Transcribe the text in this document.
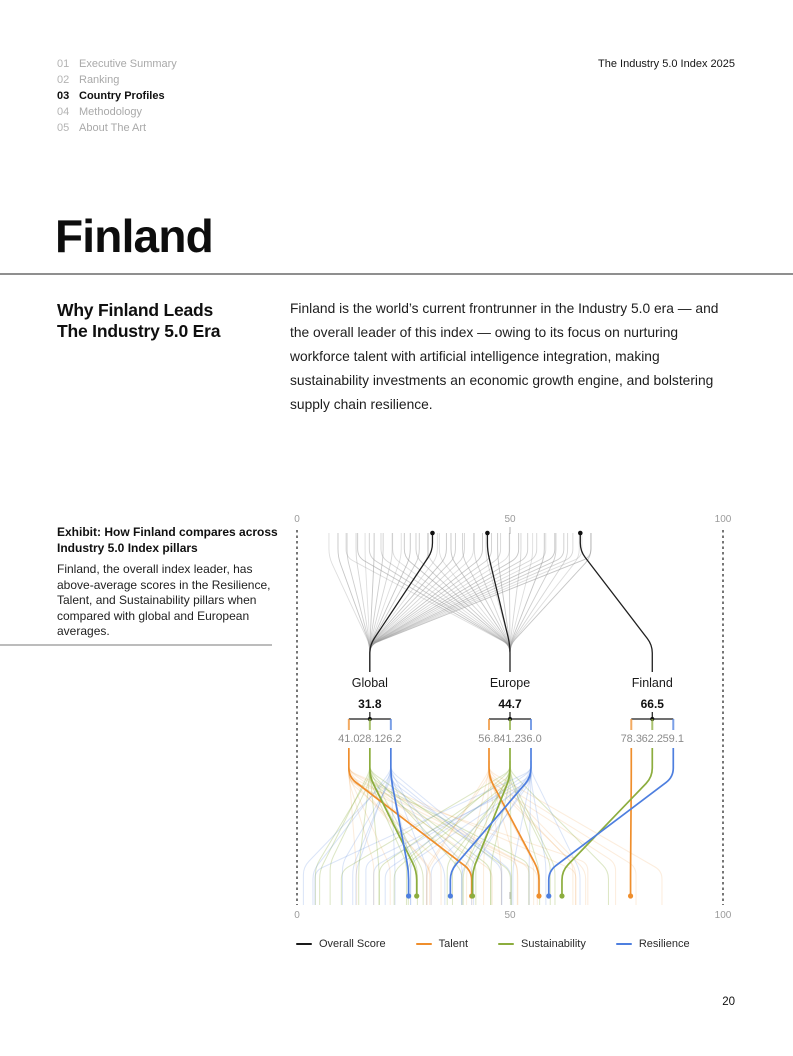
01 Executive Summary
02 Ranking
03 Country Profiles
04 Methodology
05 About The Art
The Industry 5.0 Index 2025
Finland
Why Finland Leads
The Industry 5.0 Era

Finland is the world’s current frontrunner in the Industry 5.0 era — and the overall leader of this index — owing to its focus on nurturing workforce talent with artificial intelligence integration, making sustainability investments an economic growth engine, and bolstering supply chain resilience.

Exhibit: How Finland compares across Industry 5.0 Index pillars
Finland, the overall index leader, has above-average scores in the Resilience, Talent, and Sustainability pillars when compared with global and European averages.
0
0
50
50
100
100
Global
31.8
41.0 28.1 26.2
Europe
44.7
56.8 41.2 36.0
Finland
66.5
78.3 62.2 59.1
Overall Score	Talent	Sustainability	Resilience
20
